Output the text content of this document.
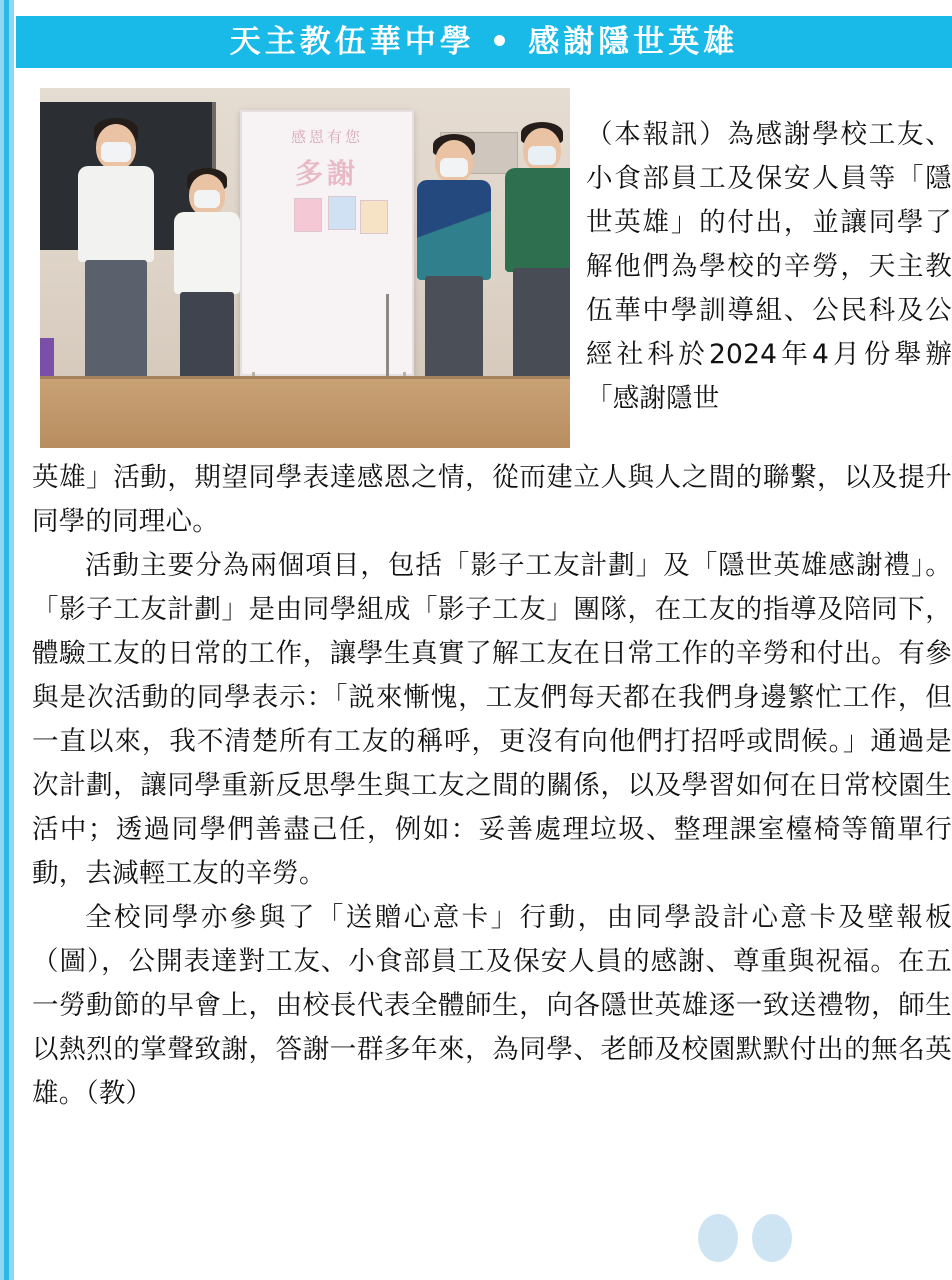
天主教伍華中學 • 感謝隱世英雄
感恩有您
多謝

（本報訊）為感謝學校工友、小食部員工及保安人員等「隱世英雄」的付出，並讓同學了解他們為學校的辛勞，天主教伍華中學訓導組、公民科及公經社科於2024年4月份舉辦「感謝隱世

英雄」活動，期望同學表達感恩之情，從而建立人與人之間的聯繫，以及提升同學的同理心。

活動主要分為兩個項目，包括「影子工友計劃」及「隱世英雄感謝禮」。「影子工友計劃」是由同學組成「影子工友」團隊，在工友的指導及陪同下，體驗工友的日常的工作，讓學生真實了解工友在日常工作的辛勞和付出。有參與是次活動的同學表示：「説來慚愧，工友們每天都在我們身邊繁忙工作，但一直以來，我不清楚所有工友的稱呼，更沒有向他們打招呼或問候。」通過是次計劃，讓同學重新反思學生與工友之間的關係，以及學習如何在日常校園生活中；透過同學們善盡己任，例如：妥善處理垃圾、整理課室檯椅等簡單行動，去減輕工友的辛勞。

全校同學亦參與了「送贈心意卡」行動，由同學設計心意卡及壁報板（圖），公開表達對工友、小食部員工及保安人員的感謝、尊重與祝福。在五一勞動節的早會上，由校長代表全體師生，向各隱世英雄逐一致送禮物，師生以熱烈的掌聲致謝，答謝一群多年來，為同學、老師及校園默默付出的無名英雄。（教）
